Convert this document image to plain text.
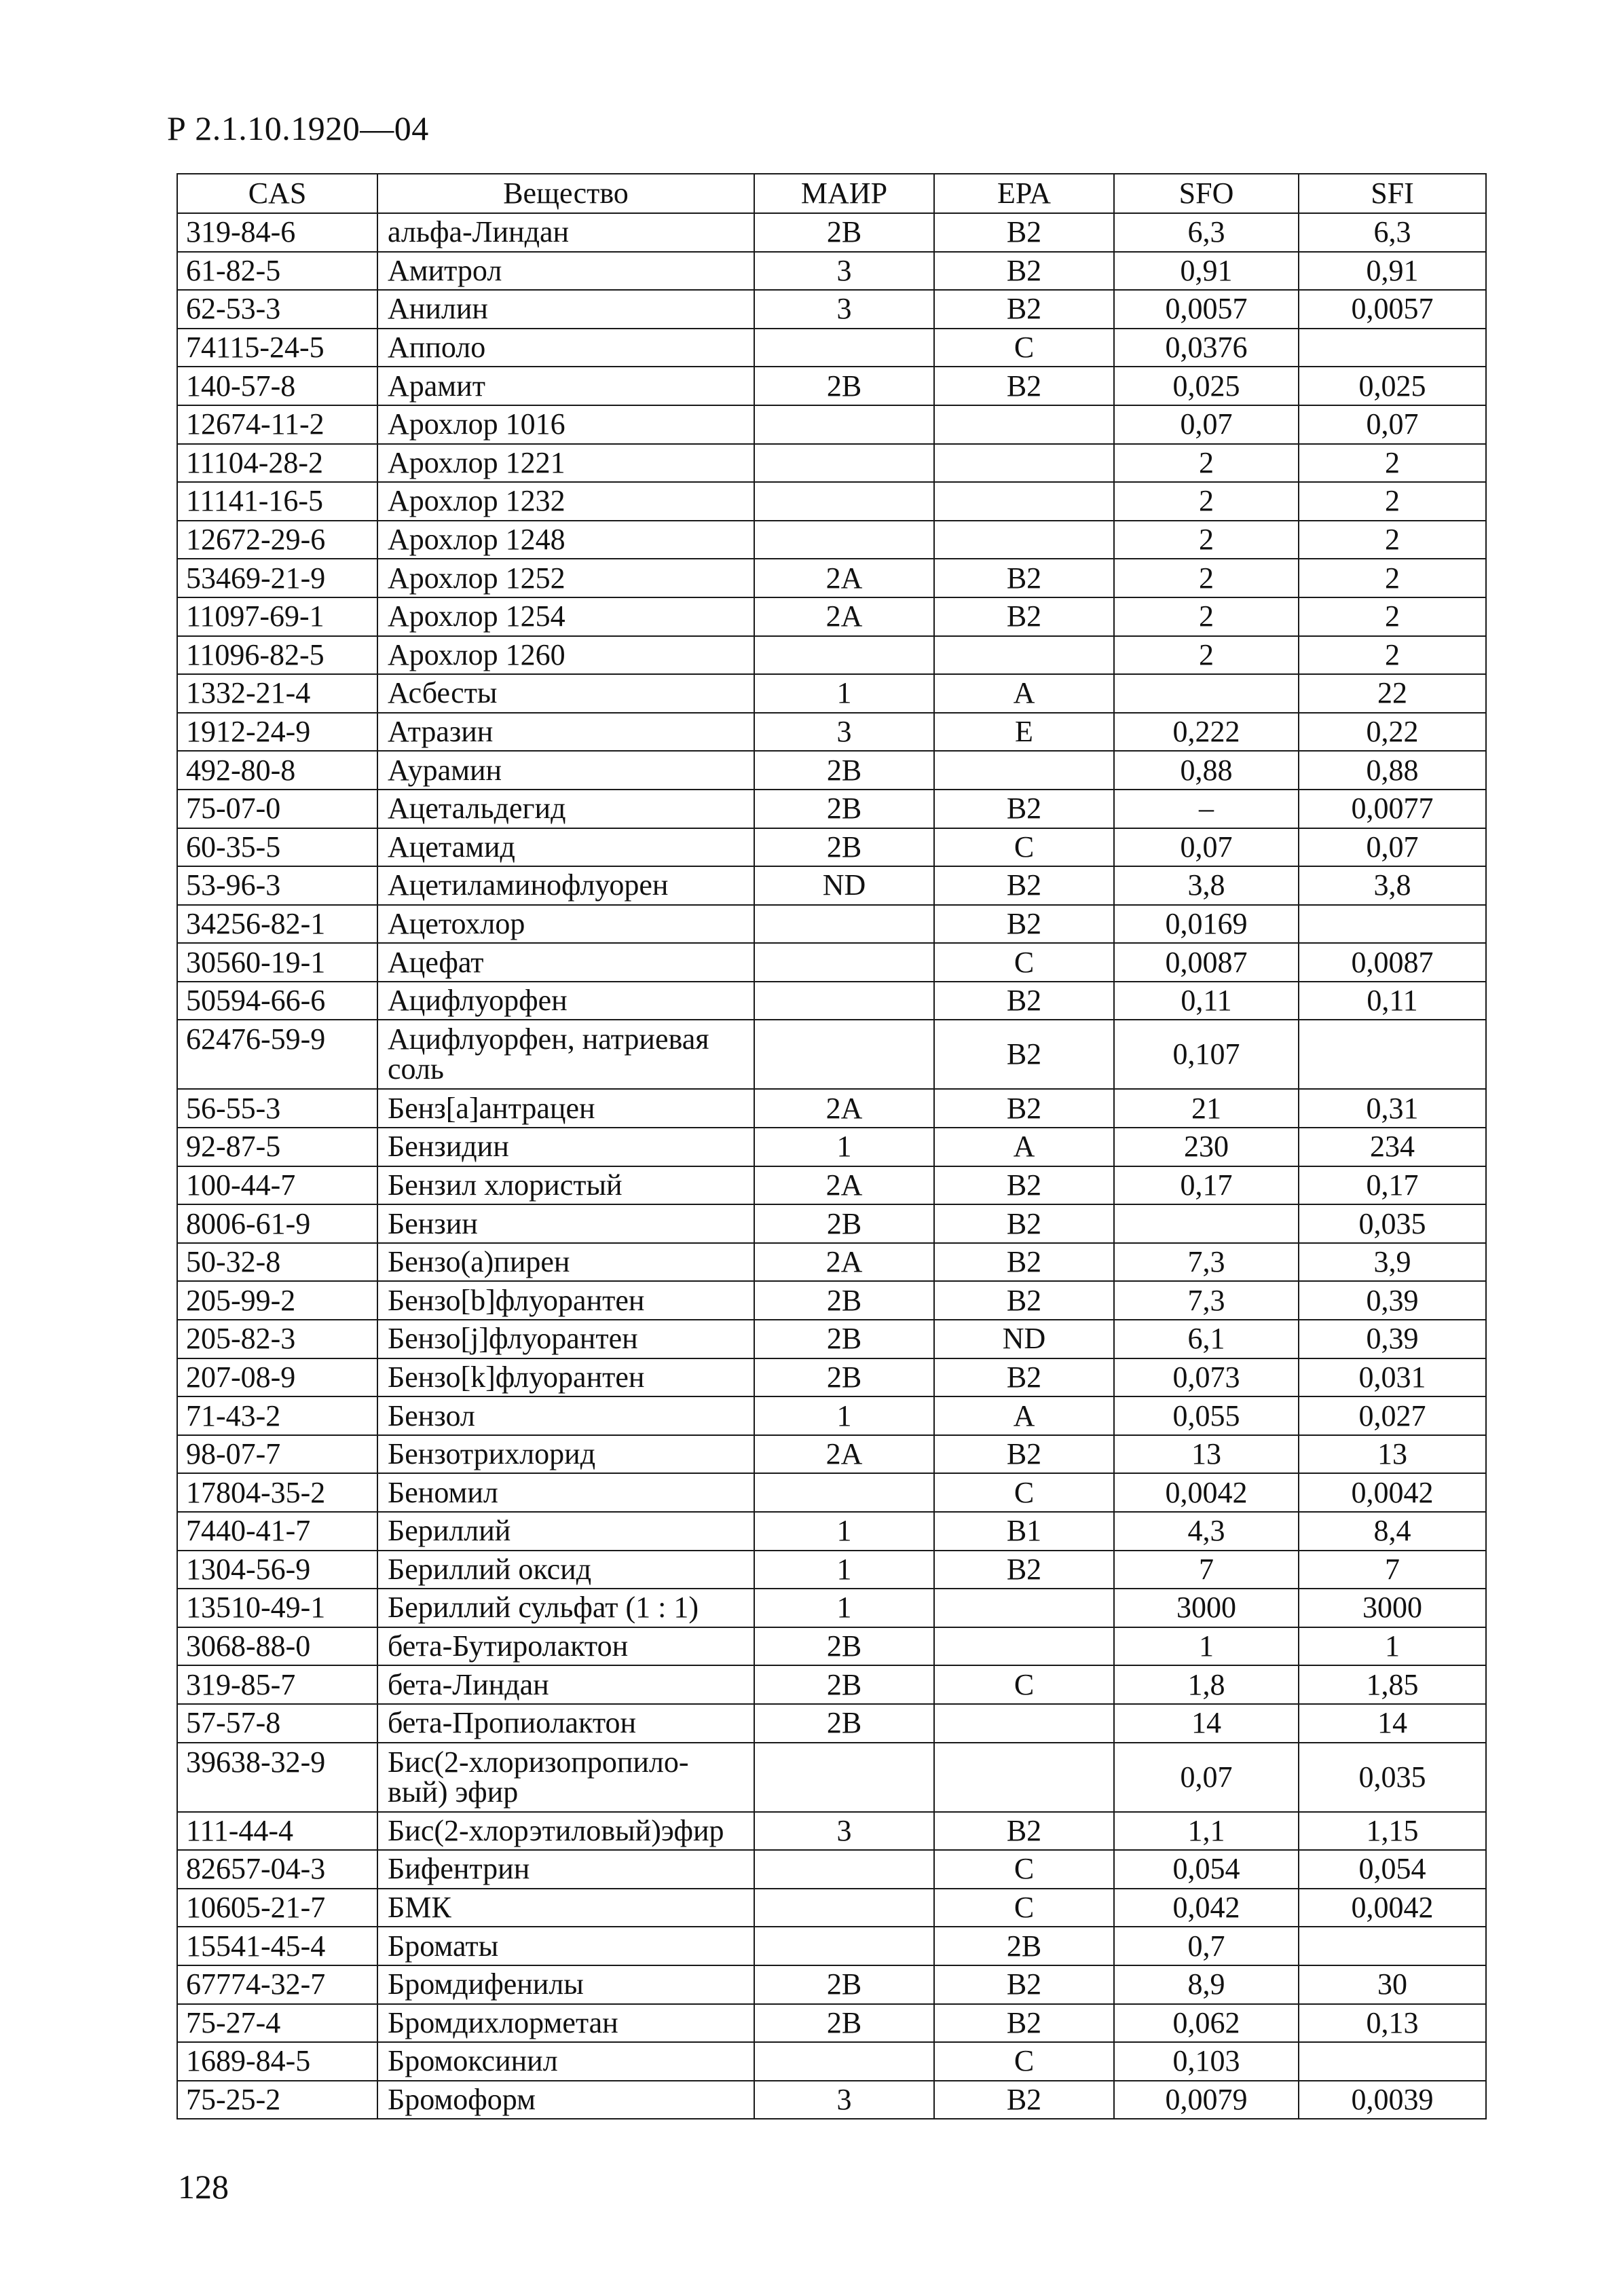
Р 2.1.10.1920—04
CAS	Вещество	МАИР	EPA	SFO	SFI
319-84-6	альфа-Линдан	2B	B2	6,3	6,3
61-82-5	Амитрол	3	B2	0,91	0,91
62-53-3	Анилин	3	B2	0,0057	0,0057
74115-24-5	Апполо		C	0,0376	
140-57-8	Арамит	2B	B2	0,025	0,025
12674-11-2	Арохлор 1016			0,07	0,07
11104-28-2	Арохлор 1221			2	2
11141-16-5	Арохлор 1232			2	2
12672-29-6	Арохлор 1248			2	2
53469-21-9	Арохлор 1252	2A	B2	2	2
11097-69-1	Арохлор 1254	2A	B2	2	2
11096-82-5	Арохлор 1260			2	2
1332-21-4	Асбесты	1	A		22
1912-24-9	Атразин	3	E	0,222	0,22
492-80-8	Аурамин	2B		0,88	0,88
75-07-0	Ацетальдегид	2B	B2	–	0,0077
60-35-5	Ацетамид	2B	C	0,07	0,07
53-96-3	Ацетиламинофлуорен	ND	B2	3,8	3,8
34256-82-1	Ацетохлор		B2	0,0169	
30560-19-1	Ацефат		C	0,0087	0,0087
50594-66-6	Ацифлуорфен		B2	0,11	0,11
62476-59-9	Ацифлуорфен, натриевая соль		B2	0,107	
56-55-3	Бенз[а]антрацен	2A	B2	21	0,31
92-87-5	Бензидин	1	A	230	234
100-44-7	Бензил хлористый	2A	B2	0,17	0,17
8006-61-9	Бензин	2B	B2		0,035
50-32-8	Бензо(а)пирен	2A	B2	7,3	3,9
205-99-2	Бензо[b]флуорантен	2B	B2	7,3	0,39
205-82-3	Бензо[j]флуорантен	2B	ND	6,1	0,39
207-08-9	Бензо[k]флуорантен	2B	B2	0,073	0,031
71-43-2	Бензол	1	A	0,055	0,027
98-07-7	Бензотрихлорид	2A	B2	13	13
17804-35-2	Беномил		C	0,0042	0,0042
7440-41-7	Бериллий	1	B1	4,3	8,4
1304-56-9	Бериллий оксид	1	B2	7	7
13510-49-1	Бериллий сульфат (1 : 1)	1		3000	3000
3068-88-0	бета-Бутиролактон	2B		1	1
319-85-7	бета-Линдан	2B	C	1,8	1,85
57-57-8	бета-Пропиолактон	2B		14	14
39638-32-9	Бис(2-хлоризопропило-вый) эфир			0,07	0,035
111-44-4	Бис(2-хлорэтиловый)эфир	3	B2	1,1	1,15
82657-04-3	Бифентрин		C	0,054	0,054
10605-21-7	БМК		C	0,042	0,0042
15541-45-4	Броматы		2B	0,7	
67774-32-7	Бромдифенилы	2B	B2	8,9	30
75-27-4	Бромдихлорметан	2B	B2	0,062	0,13
1689-84-5	Бромоксинил		C	0,103	
75-25-2	Бромоформ	3	B2	0,0079	0,0039
128
